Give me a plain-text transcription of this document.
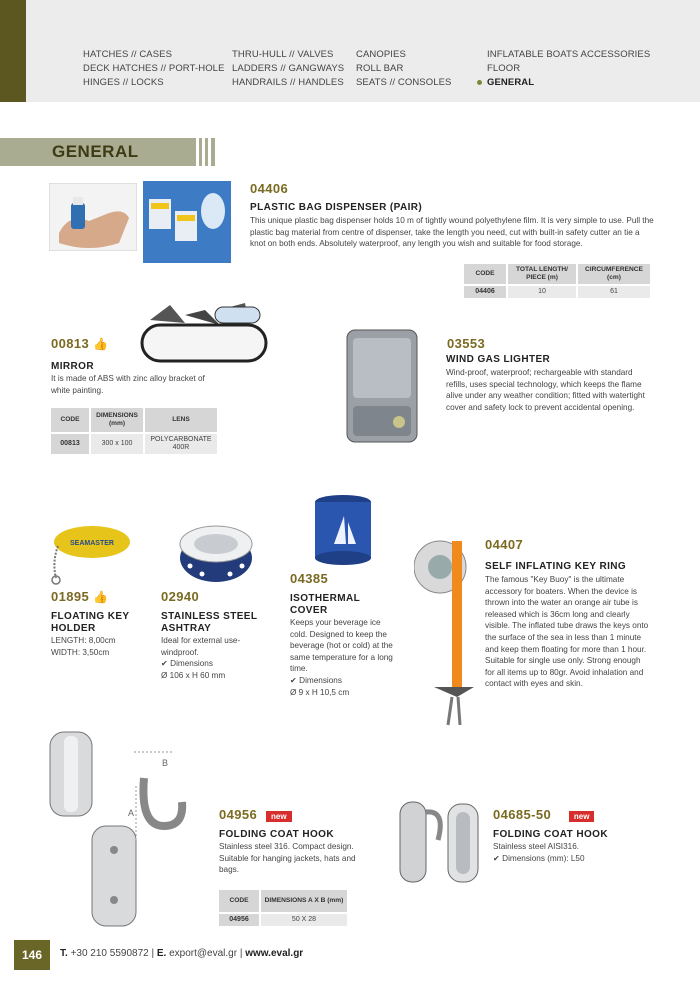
HATCHES // CASES
DECK HATCHES // PORT-HOLE
HINGES // LOCKS
THRU-HULL // VALVES
LADDERS // GANGWAYS
HANDRAILS // HANDLES
CANOPIES
ROLL BAR
SEATS // CONSOLES
INFLATABLE BOATS ACCESSORIES
FLOOR
GENERAL
GENERAL
04406
PLASTIC BAG DISPENSER (PAIR)
This unique plastic bag dispenser holds 10 m of tightly wound polyethylene film. It is very simple to use. Pull the plastic bag material from centre of dispenser, take the length you need, cut with built-in safety cutter an tie a knot on both ends. Absolutely waterproof, any length you wish and suitable for food storage.
CODE	TOTAL LENGTH/ PIECE (m)	CIRCUMFERENCE (cm)
04406	10	61
00813 👍
MIRROR
It is made of ABS with zinc alloy bracket of white painting.
CODE	DIMENSIONS (mm)	LENS
00813	300 x 100	POLYCARBONATE 400R
03553
WIND GAS LIGHTER
Wind-proof, waterproof; rechargeable with standard refills, uses special technology, which keeps the flame alive under any weather condition; fitted with watertight cover and safety lock to prevent accidental opening.
SEAMASTER
01895 👍
FLOATING KEY HOLDER
LENGTH: 8,00cm
WIDTH: 3,50cm
02940
STAINLESS STEEL ASHTRAY
Ideal for external use- windproof.
✔ Dimensions
Ø 106 x H 60 mm
04385
ISOTHERMAL COVER
Keeps your beverage ice cold. Designed to keep the beverage (hot or cold) at the same temperature for a long time.
✔ Dimensions
Ø 9 x H 10,5 cm
04407
SELF INFLATING KEY RING
The famous "Key Buoy" is the ultimate accessory for boaters. When the device is thrown into the water an orange air tube is released which is 36cm long and clearly visible. The inflated tube draws the keys onto the surface of the sea in less than 1 minute and keep them floating for more than 1 hour. Suitable for single use only. Strong enough for all items up to 80gr. Avoid inhalation and contact with eyes and skin.
B
A	04956 new
FOLDING COAT HOOK
Stainless steel 316. Compact design. Suitable for hanging jackets, hats and bags.
CODE	DIMENSIONS A X B (mm)
04956	50 X 28
04685-50	new
FOLDING COAT HOOK
Stainless steel AISI316.
✔ Dimensions (mm): L50
146	T. +30 210 5590872 | E. export@eval.gr | www.eval.gr
